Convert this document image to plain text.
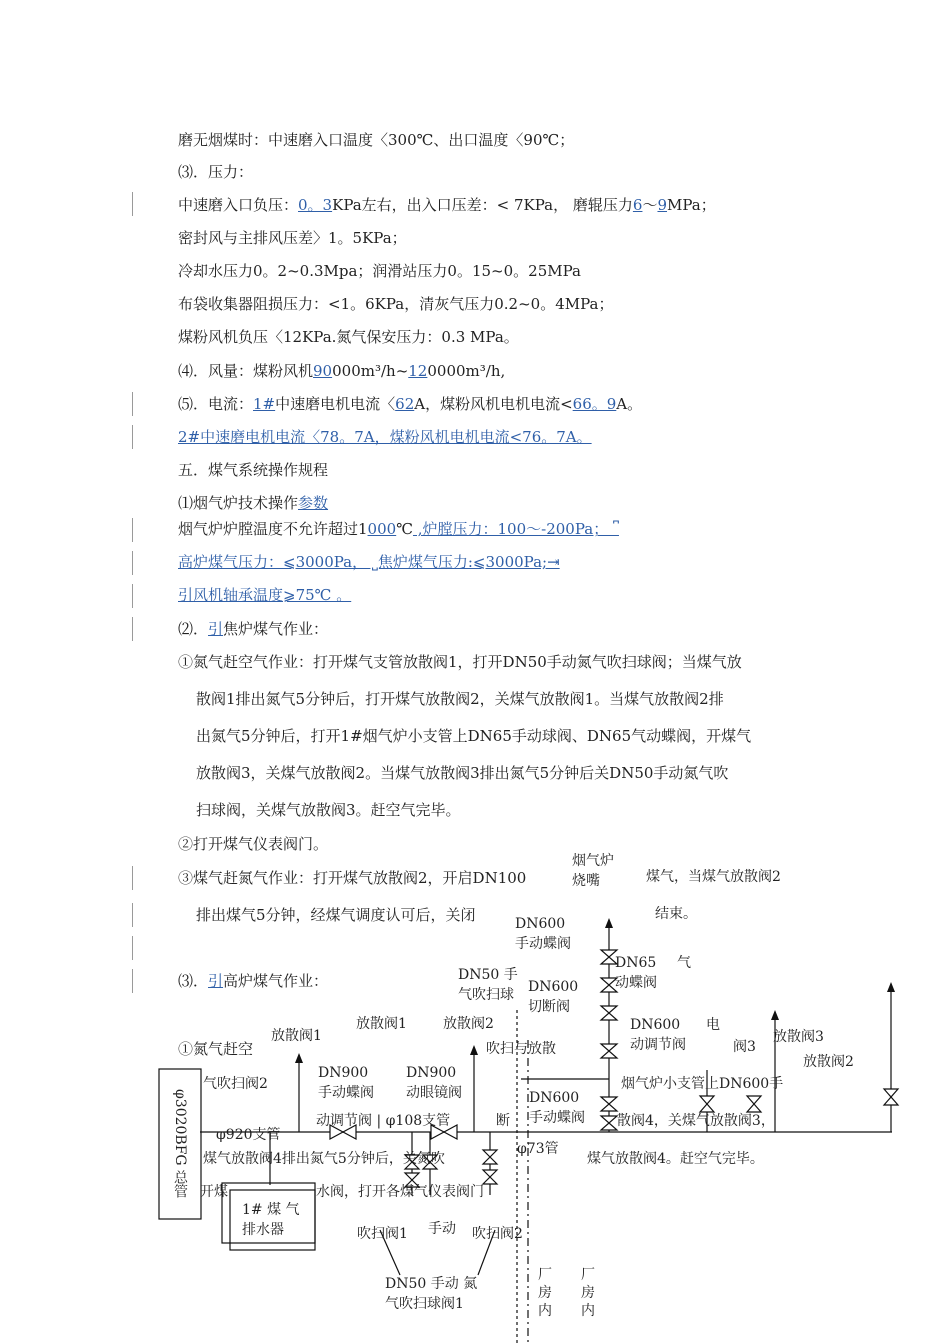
磨无烟煤时：中速磨入口温度〈300℃、出口温度〈90℃；
⑶．压力：
中速磨入口负压：0。3KPa左右，出入口压差：< 7KPa， 磨辊压力6～9MPa；
密封风与主排风压差〉1。5KPa；
冷却水压力0。2~0.3Mpa；润滑站压力0。15~0。25MPa
布袋收集器阻损压力：<1。6KPa，清灰气压力0.2~0。4MPa；
煤粉风机负压〈12KPa.氮气保安压力：0.3 MPa。
⑷．风量：煤粉风机90000m³/h~120000m³/h,
⑸．电流：1#中速磨电机电流〈62A，煤粉风机电机电流<66。9A。
2#中速磨电机电流〈78。7A，煤粉风机电机电流<76。7A。
五．煤气系统操作规程
⑴烟气炉技术操作参数
烟气炉炉膛温度不允许超过1000℃ ,炉膛压力：100～-200Pa； ⎴
高炉煤气压力：⩽3000Pa， ⎵焦炉煤气压力:⩽3000Pa;⇥
引风机轴承温度⩾75℃ 。
⑵．引焦炉煤气作业：
①氮气赶空气作业：打开煤气支管放散阀1，打开DN50手动氮气吹扫球阀；当煤气放
散阀1排出氮气5分钟后，打开煤气放散阀2，关煤气放散阀1。当煤气放散阀2排
出氮气5分钟后，打开1#烟气炉小支管上DN65手动球阀、DN65气动蝶阀，开煤气
放散阀3，关煤气放散阀2。当煤气放散阀3排出氮气5分钟后关DN50手动氮气吹
扫球阀，关煤气放散阀3。赶空气完毕。
②打开煤气仪表阀门。
③煤气赶氮气作业：打开煤气放散阀2，开启DN100
排出煤气5分钟，经煤气调度认可后，关闭
⑶．引高炉煤气作业：
①氮气赶空
烟气炉
烧嘴	煤气，当煤气放散阀2
结束。
DN600
手动蝶阀
DN50 手
气吹扫球 DN600
切断阀
DN65 气
动蝶阀
DN600 电
动调节阀
放散阀1	放散阀2
放散阀1	放散阀3
放散阀2
阀3
吹扫与放散
DN900
手动蝶阀
DN900
动眼镜阀
气吹扫阀2
DN600
手动蝶阀
烟气炉小支管上DN600手
动调节阀 | φ108支管	断	散阀4，关煤气放散阀3，
φ920支管
φ73管
煤气放散阀4排出氮气5分钟后，关氮吹	煤气放散阀4。赶空气完毕。
开煤	水阀，打开各煤气仪表阀门
1# 煤 气
排水器	吹扫阀1 手动 吹扫阀2
DN50 手动 氮
气吹扫球阀1
厂
房
内
厂
房
内
φ3020BFG 总管
